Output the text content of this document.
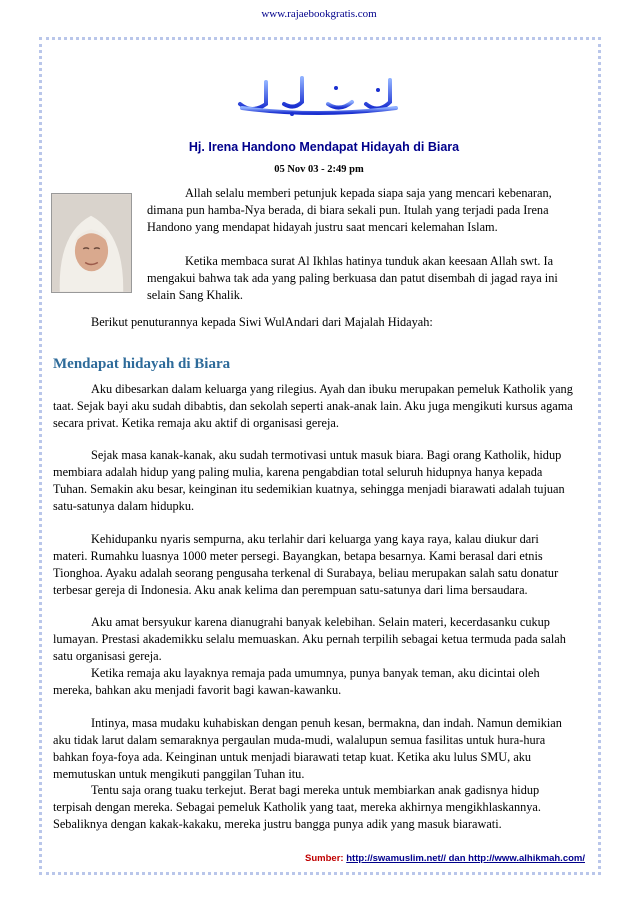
www.rajaebookgratis.com
Hj. Irena Handono Mendapat Hidayah di Biara
05 Nov 03 - 2:49 pm

Allah selalu memberi petunjuk kepada siapa saja yang mencari kebenaran, dimana pun hamba-Nya berada, di biara sekali pun. Itulah yang terjadi pada Irena Handono yang mendapat hidayah justru saat mencari kelemahan Islam.

Ketika membaca surat Al Ikhlas hatinya tunduk akan keesaan Allah swt. Ia mengakui bahwa tak ada yang paling berkuasa dan patut disembah di jagad raya ini selain Sang Khalik.

Berikut penuturannya kepada Siwi WulAndari dari Majalah Hidayah:

Mendapat hidayah di Biara

Aku dibesarkan dalam keluarga yang rilegius. Ayah dan ibuku merupakan pemeluk Katholik yang taat. Sejak bayi aku sudah dibabtis, dan sekolah seperti anak-anak lain. Aku juga mengikuti kursus agama secara privat. Ketika remaja aku aktif di organisasi gereja.

Sejak masa kanak-kanak, aku sudah termotivasi untuk masuk biara. Bagi orang Katholik, hidup membiara adalah hidup yang paling mulia, karena pengabdian total seluruh hidupnya hanya kepada Tuhan. Semakin aku besar, keinginan itu sedemikian kuatnya, sehingga menjadi biarawati adalah tujuan satu-satunya dalam hidupku.

Kehidupanku nyaris sempurna, aku terlahir dari keluarga yang kaya raya, kalau diukur dari materi. Rumahku luasnya 1000 meter persegi. Bayangkan, betapa besarnya. Kami berasal dari etnis Tionghoa. Ayaku adalah seorang pengusaha terkenal di Surabaya, beliau merupakan salah satu donatur terbesar gereja di Indonesia. Aku anak kelima dan perempuan satu-satunya dari lima bersaudara.

Aku amat bersyukur karena dianugrahi banyak kelebihan. Selain materi, kecerdasanku cukup lumayan. Prestasi akademikku selalu memuaskan. Aku pernah terpilih sebagai ketua termuda pada salah satu organisasi gereja.

Ketika remaja aku layaknya remaja pada umumnya, punya banyak teman, aku dicintai oleh mereka, bahkan aku menjadi favorit bagi kawan-kawanku.

Intinya, masa mudaku kuhabiskan dengan penuh kesan, bermakna, dan indah. Namun demikian aku tidak larut dalam semaraknya pergaulan muda-mudi, walalupun semua fasilitas untuk hura-hura bahkan foya-foya ada. Keinginan untuk menjadi biarawati tetap kuat. Ketika aku lulus SMU, aku memutuskan untuk mengikuti panggilan Tuhan itu.

Tentu saja orang tuaku terkejut. Berat bagi mereka untuk membiarkan anak gadisnya hidup terpisah dengan mereka. Sebagai pemeluk Katholik yang taat, mereka akhirnya mengikhlaskannya. Sebaliknya dengan kakak-kakaku, mereka justru bangga punya adik yang masuk biarawati.

Sumber: http://swamuslim.net// dan http://www.alhikmah.com/
